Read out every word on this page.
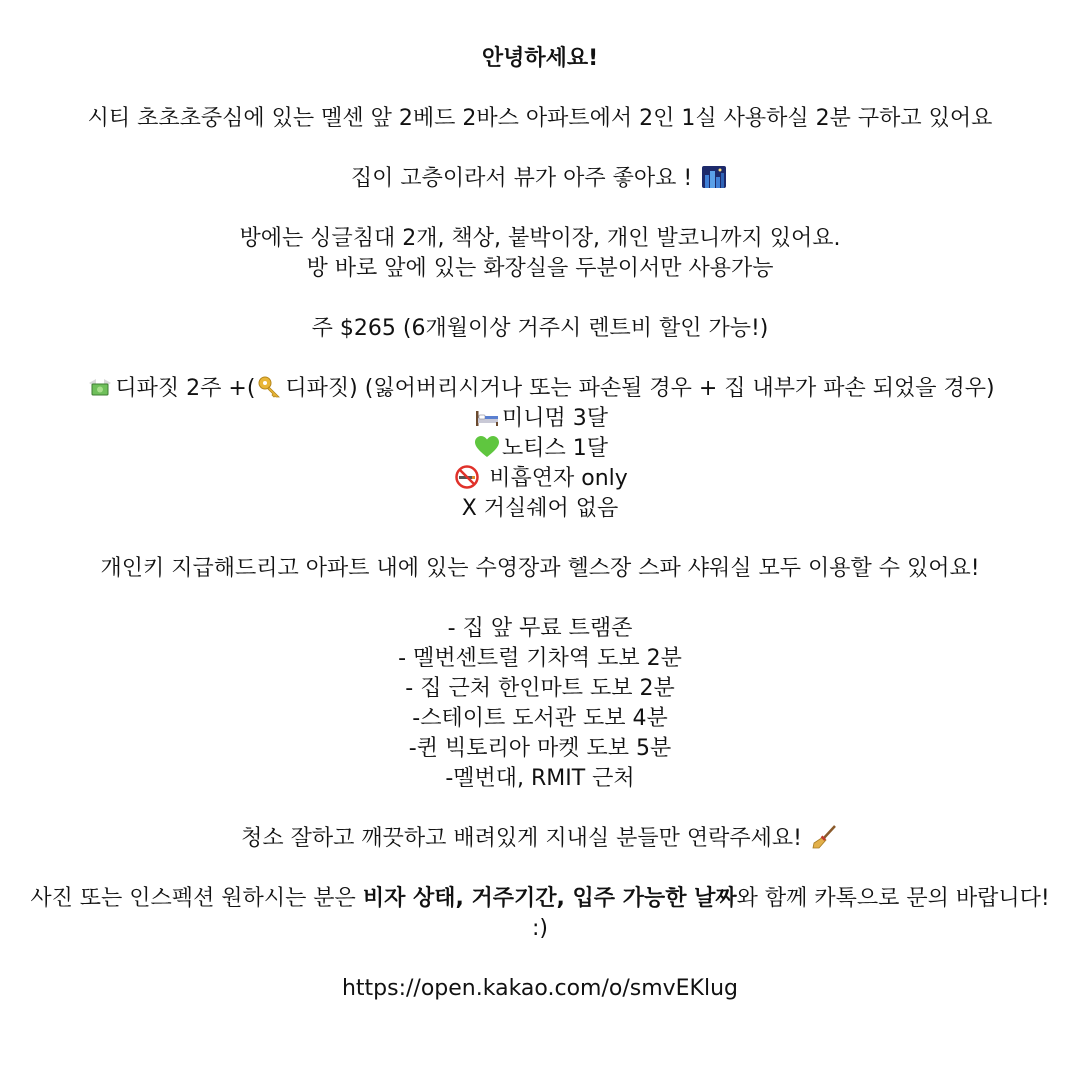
안녕하세요!
시티 초초초중심에 있는 멜센 앞 2베드 2바스 아파트에서 2인 1실 사용하실 2분 구하고 있어요
집이 고층이라서 뷰가 아주 좋아요 !
방에는 싱글침대 2개, 책상, 붙박이장, 개인 발코니까지 있어요.
방 바로 앞에 있는 화장실을 두분이서만 사용가능
주 $265 (6개월이상 거주시 렌트비 할인 가능!)
디파짓 2주 +( 디파짓) (잃어버리시거나 또는 파손될 경우 + 집 내부가 파손 되었을 경우)
미니멈 3달
노티스 1달
비흡연자 only
X 거실쉐어 없음
개인키 지급해드리고 아파트 내에 있는 수영장과 헬스장 스파 샤워실 모두 이용할 수 있어요!
- 집 앞 무료 트램존
- 멜번센트럴 기차역 도보 2분
- 집 근처 한인마트 도보 2분
-스테이트 도서관 도보 4분
-퀸 빅토리아 마켓 도보 5분
-멜번대, RMIT 근처
청소 잘하고 깨끗하고 배려있게 지내실 분들만 연락주세요!
사진 또는 인스펙션 원하시는 분은 비자 상태, 거주기간, 입주 가능한 날짜와 함께 카톡으로 문의 바랍니다! :)
https://open.kakao.com/o/smvEKlug
